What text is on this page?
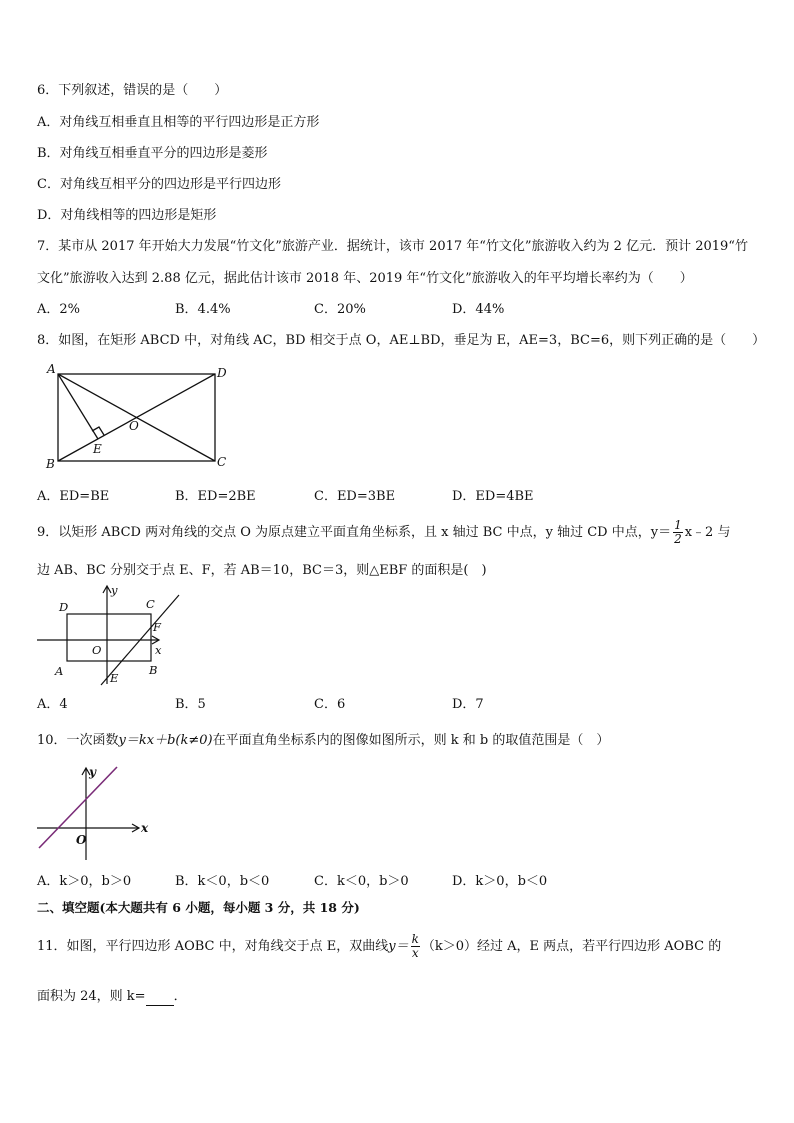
6．下列叙述，错误的是（　　）
A．对角线互相垂直且相等的平行四边形是正方形
B．对角线互相垂直平分的四边形是菱形
C．对角线互相平分的四边形是平行四边形
D．对角线相等的四边形是矩形
7．某市从 2017 年开始大力发展“竹文化”旅游产业．据统计，该市 2017 年“竹文化”旅游收入约为 2 亿元．预计 2019“竹
文化”旅游收入达到 2.88 亿元，据此估计该市 2018 年、2019 年“竹文化”旅游收入的年平均增长率约为（　　）
A．2%	B．4.4%	C．20%	D．44%
8．如图，在矩形 ABCD 中，对角线 AC，BD 相交于点 O，AE⊥BD，垂足为 E，AE=3，BC=6，则下列正确的是（　　）
A
B	C
D
E
O
A．ED=BE	B．ED=2BE	C．ED=3BE	D．ED=4BE
9．以矩形 ABCD 两对角线的交点 O 为原点建立平面直角坐标系，且 x 轴过 BC 中点，y 轴过 CD 中点，$y= \frac{1}{2}$ x﹣2 与
边 AB、BC 分别交于点 E、F，若 AB＝10，BC＝3，则△EBF 的面积是(　)
D	C
A	B
O
E
F
x
y
A．4	B．5	C．6	D．7
10．一次函数y＝kx＋b(k≠0)在平面直角坐标系内的图像如图所示，则 k 和 b 的取值范围是（　）
O
x
y
A．k＞0，b＞0	B．k＜0，b＜0	C．k＜0，b＞0	D．k＞0，b＜0
二、填空题(本大题共有 6 小题，每小题 3 分，共 18 分)
11．如图，平行四边形 AOBC 中，对角线交于点 E，双曲线$y= \frac{k}{x} (k>0)$经过 A，E 两点，若平行四边形 AOBC 的
面积为 24，则 k= ．
